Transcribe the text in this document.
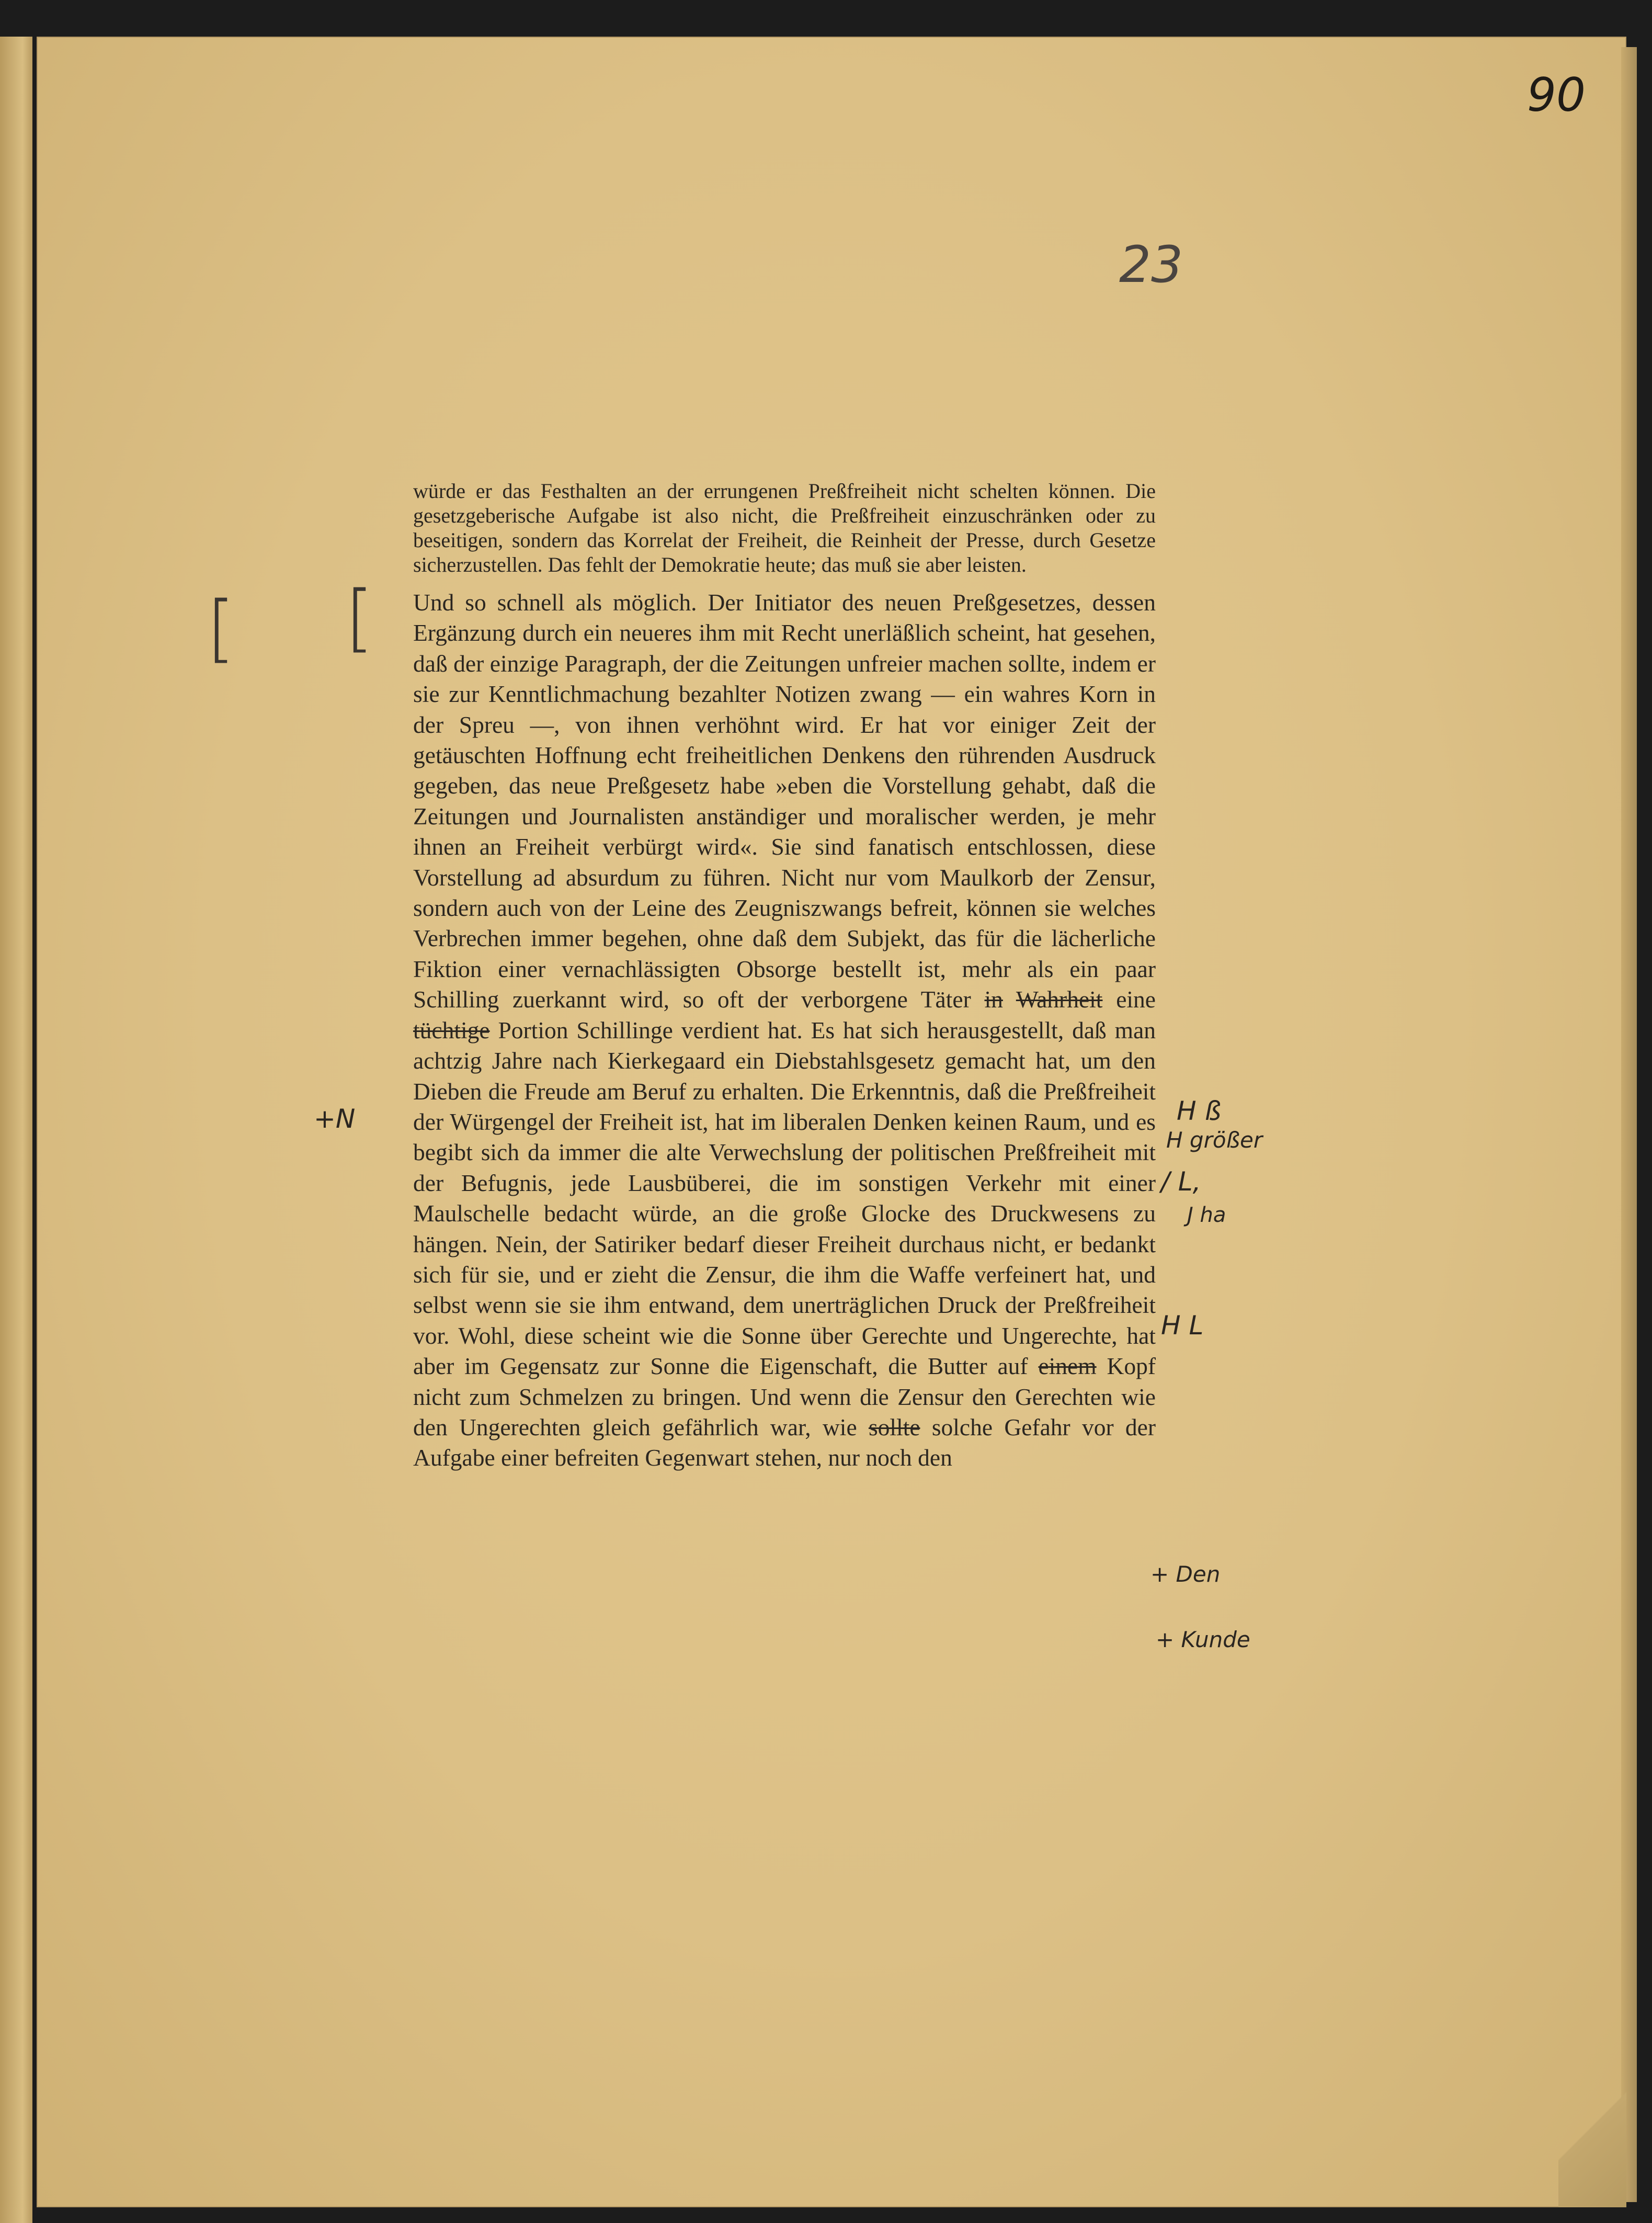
90
23
[ [

würde er das Festhalten an der errungenen Preßfreiheit nicht schelten können. Die gesetzgeberische Aufgabe ist also nicht, die Preßfreiheit einzuschränken oder zu beseitigen, sondern das Korrelat der Freiheit, die Reinheit der Presse, durch Gesetze sicherzustellen. Das fehlt der Demokratie heute; das muß sie aber leisten.

Und so schnell als möglich. Der Initiator des neuen Preßgesetzes, dessen Ergänzung durch ein neueres ihm mit Recht unerläßlich scheint, hat gesehen, daß der einzige Paragraph, der die Zeitungen unfreier machen sollte, indem er sie zur Kenntlichmachung bezahlter Notizen zwang — ein wahres Korn in der Spreu —, von ihnen verhöhnt wird. Er hat vor einiger Zeit der getäuschten Hoffnung echt freiheitlichen Denkens den rührenden Ausdruck gegeben, das neue Preßgesetz habe »eben die Vorstellung gehabt, daß die Zeitungen und Journalisten anständiger und moralischer werden, je mehr ihnen an Freiheit verbürgt wird«. Sie sind fanatisch entschlossen, diese Vorstellung ad absurdum zu führen. Nicht nur vom Maulkorb der Zensur, sondern auch von der Leine des Zeugniszwangs befreit, können sie welches Verbrechen immer begehen, ohne daß dem Subjekt, das für die lächerliche Fiktion einer vernachlässigten Obsorge bestellt ist, mehr als ein paar Schilling zuerkannt wird, so oft der verborgene Täter in Wahrheit eine tüchtige Portion Schillinge verdient hat. Es hat sich herausgestellt, daß man achtzig Jahre nach Kierkegaard ein Diebstahlsgesetz gemacht hat, um den Dieben die Freude am Beruf zu erhalten. Die Erkenntnis, daß die Preßfreiheit der Würgengel der Freiheit ist, hat im liberalen Denken keinen Raum, und es begibt sich da immer die alte Verwechslung der politischen Preßfreiheit mit der Befugnis, jede Lausbüberei, die im sonstigen Verkehr mit einer Maulschelle bedacht würde, an die große Glocke des Druckwesens zu hängen. Nein, der Satiriker bedarf dieser Freiheit durchaus nicht, er bedankt sich für sie, und er zieht die Zensur, die ihm die Waffe verfeinert hat, und selbst wenn sie sie ihm entwand, dem unerträglichen Druck der Preßfreiheit vor. Wohl, diese scheint wie die Sonne über Gerechte und Ungerechte, hat aber im Gegensatz zur Sonne die Eigenschaft, die Butter auf einem Kopf nicht zum Schmelzen zu bringen. Und wenn die Zensur den Gerechten wie den Ungerechten gleich gefährlich war, wie sollte solche Gefahr vor der Aufgabe einer befreiten Gegenwart stehen, nur noch den

+N	H ß
H größer
/ L,
J ha
H L
+ Den
+ Kunde
